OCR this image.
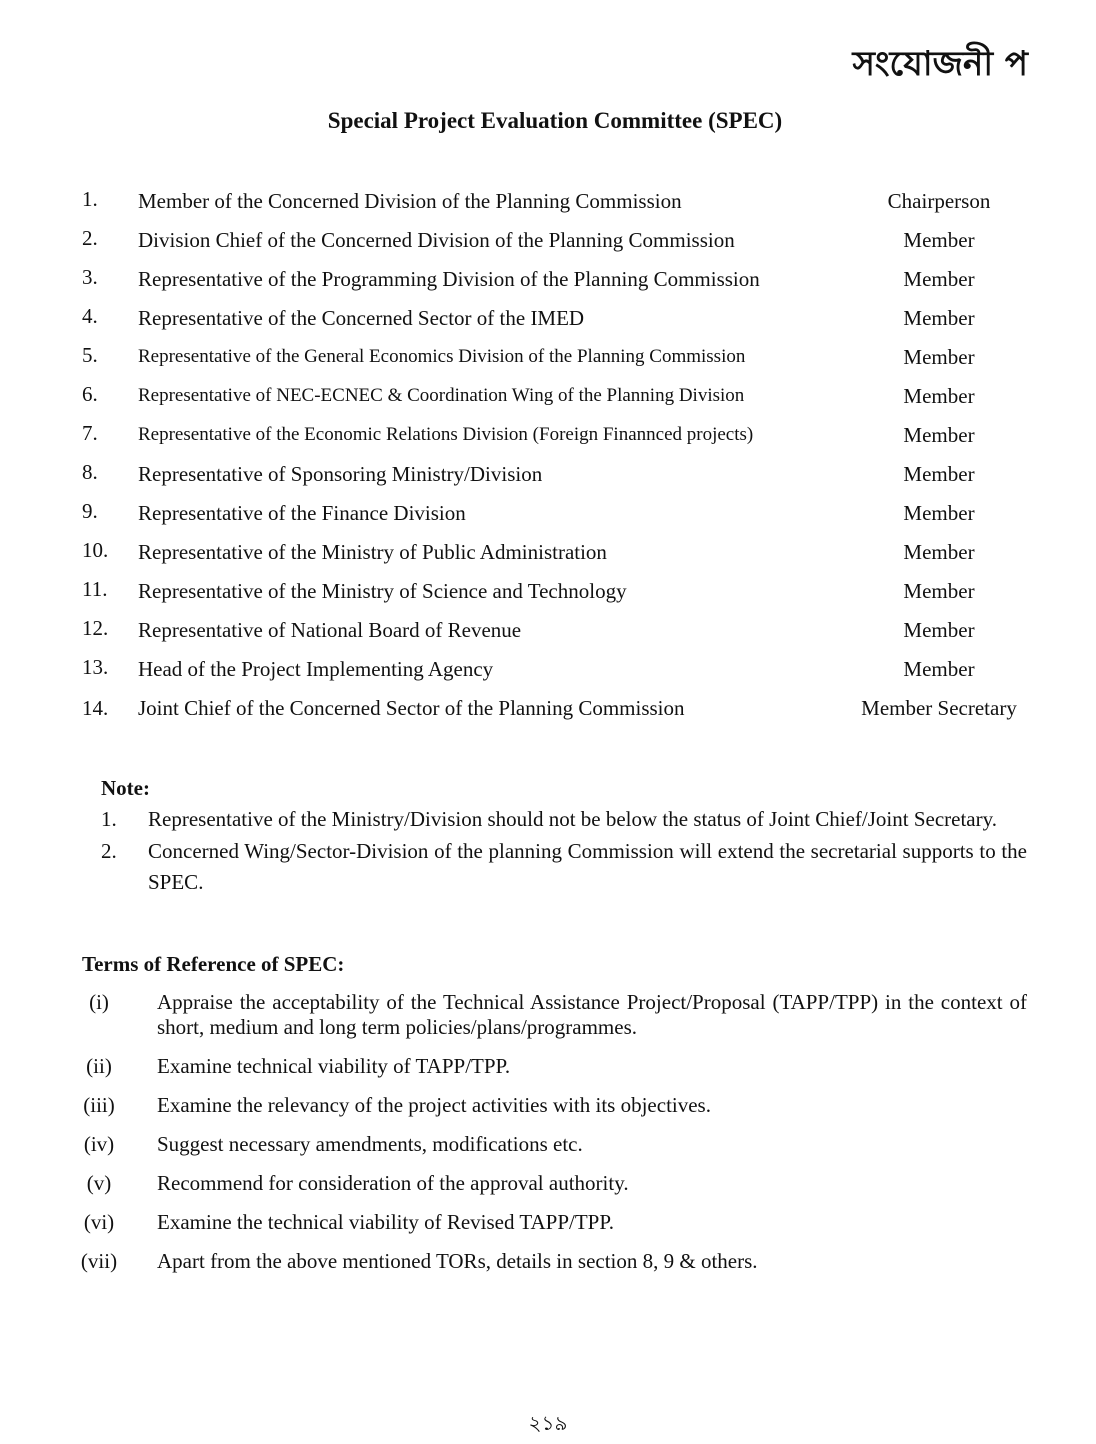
সংযোজনী প
Special Project Evaluation Committee (SPEC)
1. Member of the Concerned Division of the Planning Commission	Chairperson
2. Division Chief of the Concerned Division of the Planning Commission	Member
3. Representative of the Programming Division of the Planning Commission	Member
4. Representative of the Concerned Sector of the IMED	Member
5. Representative of the General Economics Division of the Planning Commission	Member
6. Representative of NEC-ECNEC & Coordination Wing of the Planning Division	Member
7. Representative of the Economic Relations Division (Foreign Finannced projects)	Member
8. Representative of Sponsoring Ministry/Division	Member
9. Representative of the Finance Division	Member
10. Representative of the Ministry of Public Administration	Member
11. Representative of the Ministry of Science and Technology	Member
12. Representative of National Board of Revenue	Member
13. Head of the Project Implementing Agency	Member
14. Joint Chief of the Concerned Sector of the Planning Commission	Member Secretary
Note:
1. Representative of the Ministry/Division should not be below the status of Joint Chief/Joint Secretary.
2. Concerned Wing/Sector-Division of the planning Commission will extend the secretarial supports to the SPEC.
Terms of Reference of SPEC:
(i)	Appraise the acceptability of the Technical Assistance Project/Proposal (TAPP/TPP) in the context of short, medium and long term policies/plans/programmes.
(ii)	Examine technical viability of TAPP/TPP.
(iii) Examine the relevancy of the project activities with its objectives.
(iv) Suggest necessary amendments, modifications etc.
(v)	Recommend for consideration of the approval authority.
(vi) Examine the technical viability of Revised TAPP/TPP.
(vii) Apart from the above mentioned TORs, details in section 8, 9 & others.
২১৯
